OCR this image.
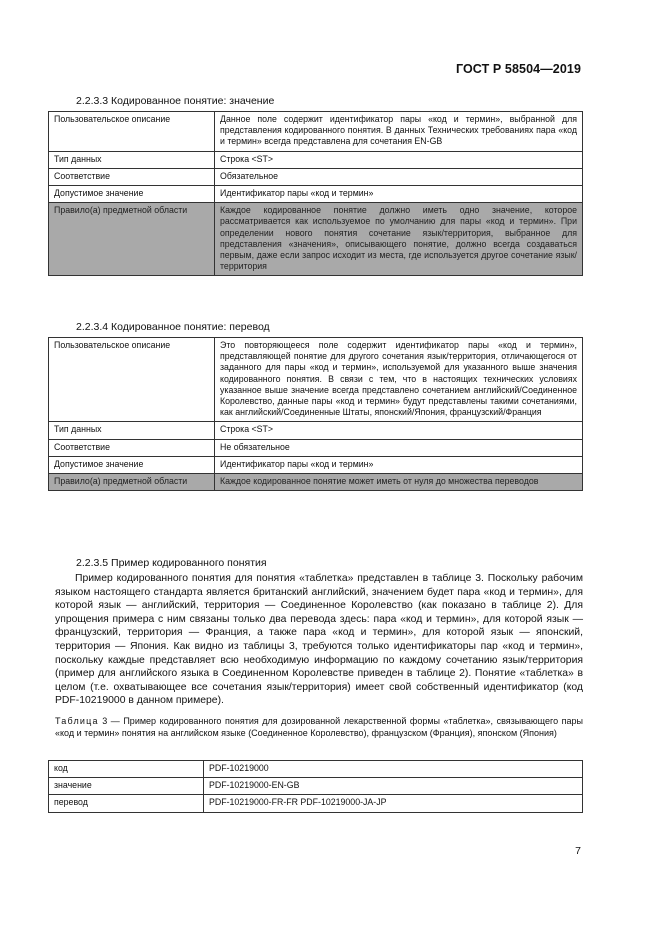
ГОСТ Р 58504—2019
2.2.3.3 Кодированное понятие: значение
Пользовательское описание	Данное поле содержит идентификатор пары «код и термин», выбранной для представления кодированного понятия. В данных Технических требованиях пара «код и термин» всегда представлена для сочетания EN-GB
Тип данных	Строка <ST>
Соответствие	Обязательное
Допустимое значение	Идентификатор пары «код и термин»
Правило(а) предметной области	Каждое кодированное понятие должно иметь одно значение, которое рассматривается как используемое по умолчанию для пары «код и термин». При определении нового понятия сочетание язык/территория, выбранное для представления «значения», описывающего понятие, должно всегда создаваться первым, даже если запрос исходит из места, где используется другое сочетание язык/территория
2.2.3.4 Кодированное понятие: перевод
Пользовательское описание	Это повторяющееся поле содержит идентификатор пары «код и термин», представляющей понятие для другого сочетания язык/территория, отличающегося от заданного для пары «код и термин», используемой для указанного выше значения кодированного понятия. В связи с тем, что в настоящих технических условиях указанное выше значение всегда представлено сочетанием английский/Соединенное Королевство, данные пары «код и термин» будут представлены такими сочетаниями, как английский/Соединенные Штаты, японский/Япония, французский/Франция
Тип данных	Строка <ST>
Соответствие	Не обязательное
Допустимое значение	Идентификатор пары «код и термин»
Правило(а) предметной области	Каждое кодированное понятие может иметь от нуля до множества переводов
2.2.3.5 Пример кодированного понятия

Пример кодированного понятия для понятия «таблетка» представлен в таблице 3. Поскольку рабочим языком настоящего стандарта является британский английский, значением будет пара «код и термин», для которой язык — английский, территория — Соединенное Королевство (как показано в таблице 2). Для упрощения примера с ним связаны только два перевода здесь: пара «код и термин», для которой язык — французский, территория — Франция, а также пара «код и термин», для которой язык — японский, территория — Япония. Как видно из таблицы 3, требуются только идентификаторы пар «код и термин», поскольку каждые представляет всю необходимую информацию по каждому сочетанию язык/территория (пример для английского языка в Соединенном Королевстве приведен в таблице 2). Понятие «таблетка» в целом (т.е. охватывающее все сочетания язык/территория) имеет свой собственный идентификатор (код PDF-10219000 в данном примере).

Таблица 3 — Пример кодированного понятия для дозированной лекарственной формы «таблетка», связывающего пары «код и термин» понятия на английском языке (Соединенное Королевство), французском (Франция), японском (Япония)
код	PDF-10219000
значение	PDF-10219000-EN-GB
перевод	PDF-10219000-FR-FR PDF-10219000-JA-JP
7
